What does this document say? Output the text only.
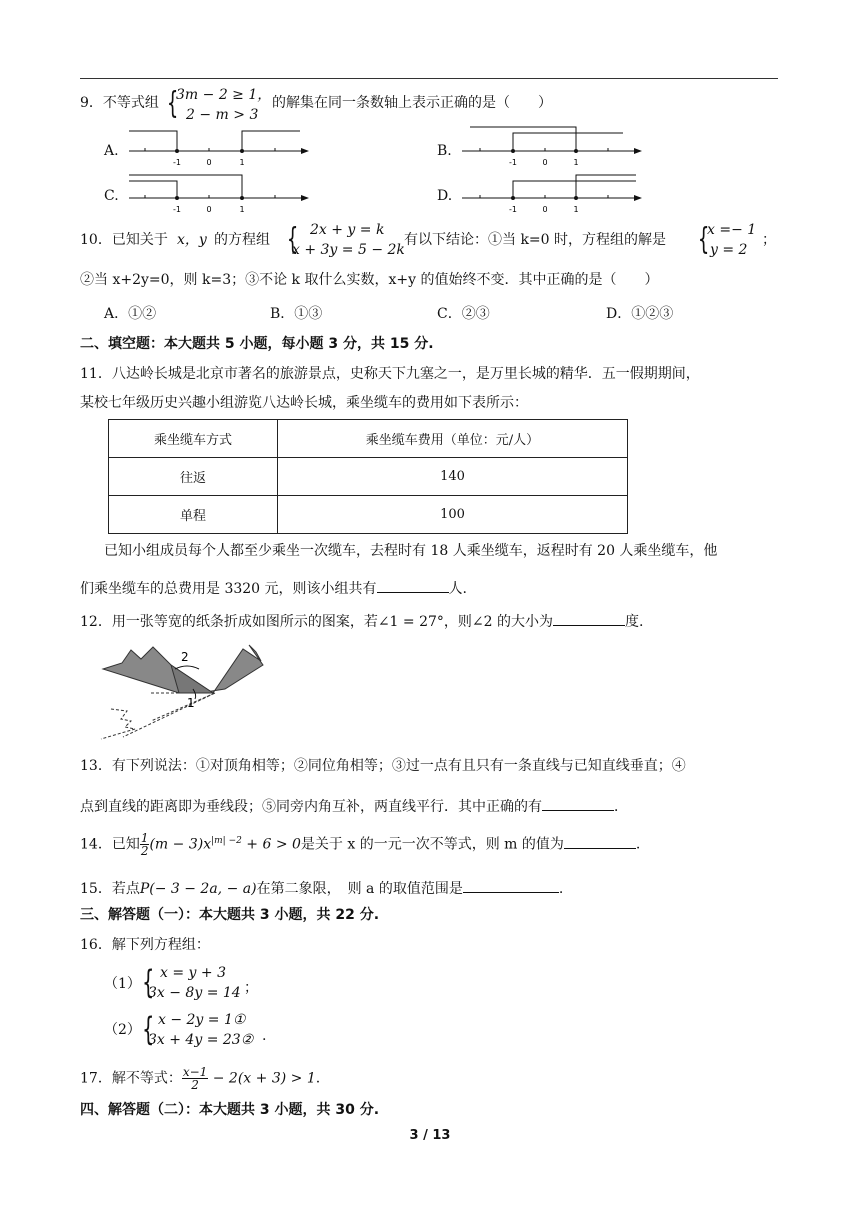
9．不等式组 {
3m − 2 ≥ 1，
2 − m > 3
的解集在同一条数轴上表示正确的是（　　）
A.	B.
C.	D.
-1	0	1	-1	0	1
-1	0	1	-1	0	1
10．已知关于 x，y 的方程组 { 2x + y = k
x + 3y = 5 − 2k
有以下结论：①当 k=0 时，方程组的解是 {
x =− 1
y = 2
；
②当 x+2y=0，则 k=3；③不论 k 取什么实数，x+y 的值始终不变．其中正确的是（　　）
A．①②	B．①③	C．②③	D．①②③
二、填空题：本大题共 5 小题，每小题 3 分，共 15 分.
11．八达岭长城是北京市著名的旅游景点，史称天下九塞之一，是万里长城的精华．五一假期期间，
某校七年级历史兴趣小组游览八达岭长城，乘坐缆车的费用如下表所示：
乘坐缆车方式	乘坐缆车费用（单位：元/人）
往返	140
单程	100
已知小组成员每个人都至少乘坐一次缆车，去程时有 18 人乘坐缆车，返程时有 20 人乘坐缆车，他
们乘坐缆车的总费用是 3320 元，则该小组共有	人.
12．用一张等宽的纸条折成如图所示的图案，若∠1 = 27°，则∠2 的大小为	度.
2
1
13．有下列说法：①对顶角相等；②同位角相等；③过一点有且只有一条直线与已知直线垂直；④
点到直线的距离即为垂线段；⑤同旁内角互补，两直线平行．其中正确的有	．
14．已知 $\frac{1}{2} (m - 3)x^{|m| -2} + 6 > 0$是关于 x 的一元一次不等式，则 m 的值为	.
15．若点P(− 3 − 2a, − a)在第二象限，　则 a 的取值范围是	.
三、解答题（一）：本大题共 3 小题，共 22 分.
16．解下列方程组：
（1） { x = y + 3
3x − 8y = 14 ；
（2） { x − 2y = 1①
3x + 4y = 23② .
17．解不等式： $\frac{x-1}{2} - 2(x + 3) > 1$.
四、解答题（二）：本大题共 3 小题，共 30 分.
3 / 13
